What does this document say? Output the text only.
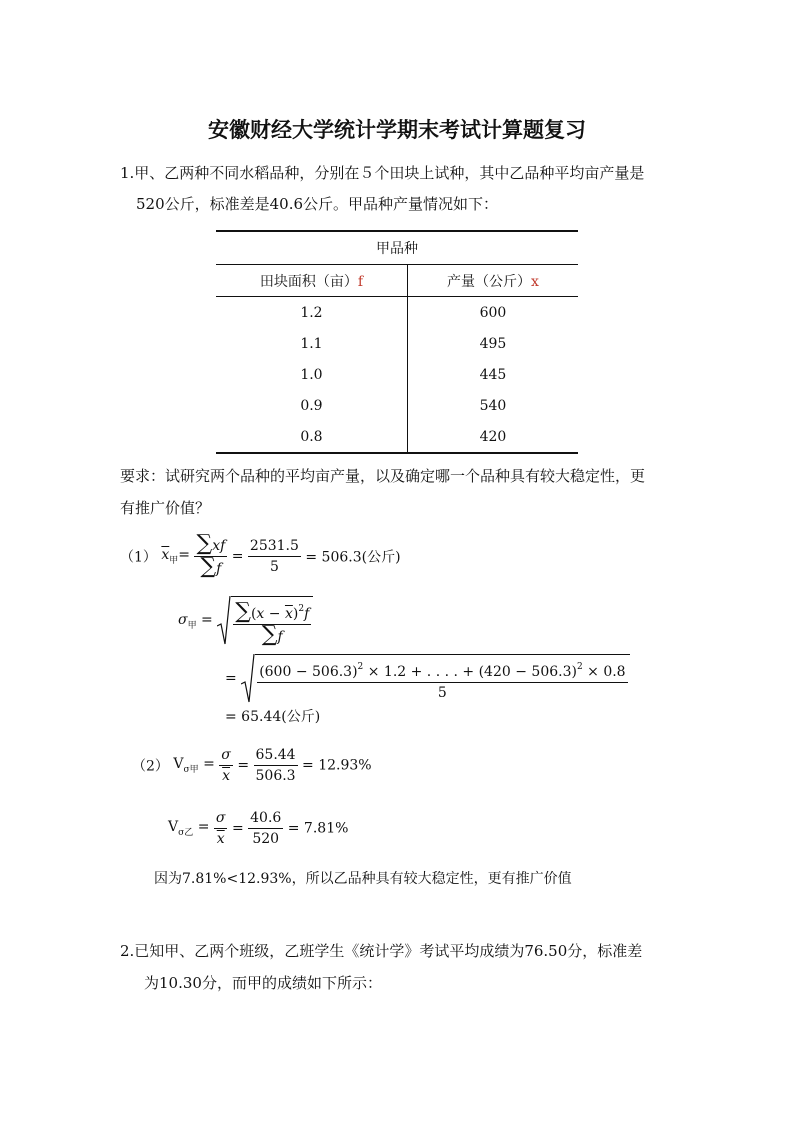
安徽财经大学统计学期末考试计算题复习
1.甲、乙两种不同水稻品种，分别在５个田块上试种，其中乙品种平均亩产量是
520公斤，标准差是40.6公斤。甲品种产量情况如下：
甲品种	
田块面积（亩）f	产量（公斤）x
1.2	600
1.1	495
1.0	445
0.9	540
0.8	420
要求：试研究两个品种的平均亩产量，以及确定哪一个品种具有较大稳定性，更
有推广价值？
（1） $\overline{x}_甲= \frac{\sum xf}{\sum f} = \frac{2531.5}{5} = 506.3$(公斤)
$\sigma_甲 = \frac{\sum(x - \overline{x})^2f}{\sum f}$
= $\frac{(600 - 506.3)^2 \times 1.2 + . . . . + (420 - 506.3)^2 \times 0.8}{5}$
= 65.44(公斤)
（2） $V_{\sigma 甲} = \frac{\sigma}{x} = \frac{65.44}{506.3} = 12.93\%$
$V_{\sigma 乙} = \frac{\sigma}{x} = \frac{40.6}{520} = 7.81\%$
因为7.81%<12.93%，所以乙品种具有较大稳定性，更有推广价值
2.已知甲、乙两个班级，乙班学生《统计学》考试平均成绩为76.50分，标准差
为10.30分，而甲的成绩如下所示：
